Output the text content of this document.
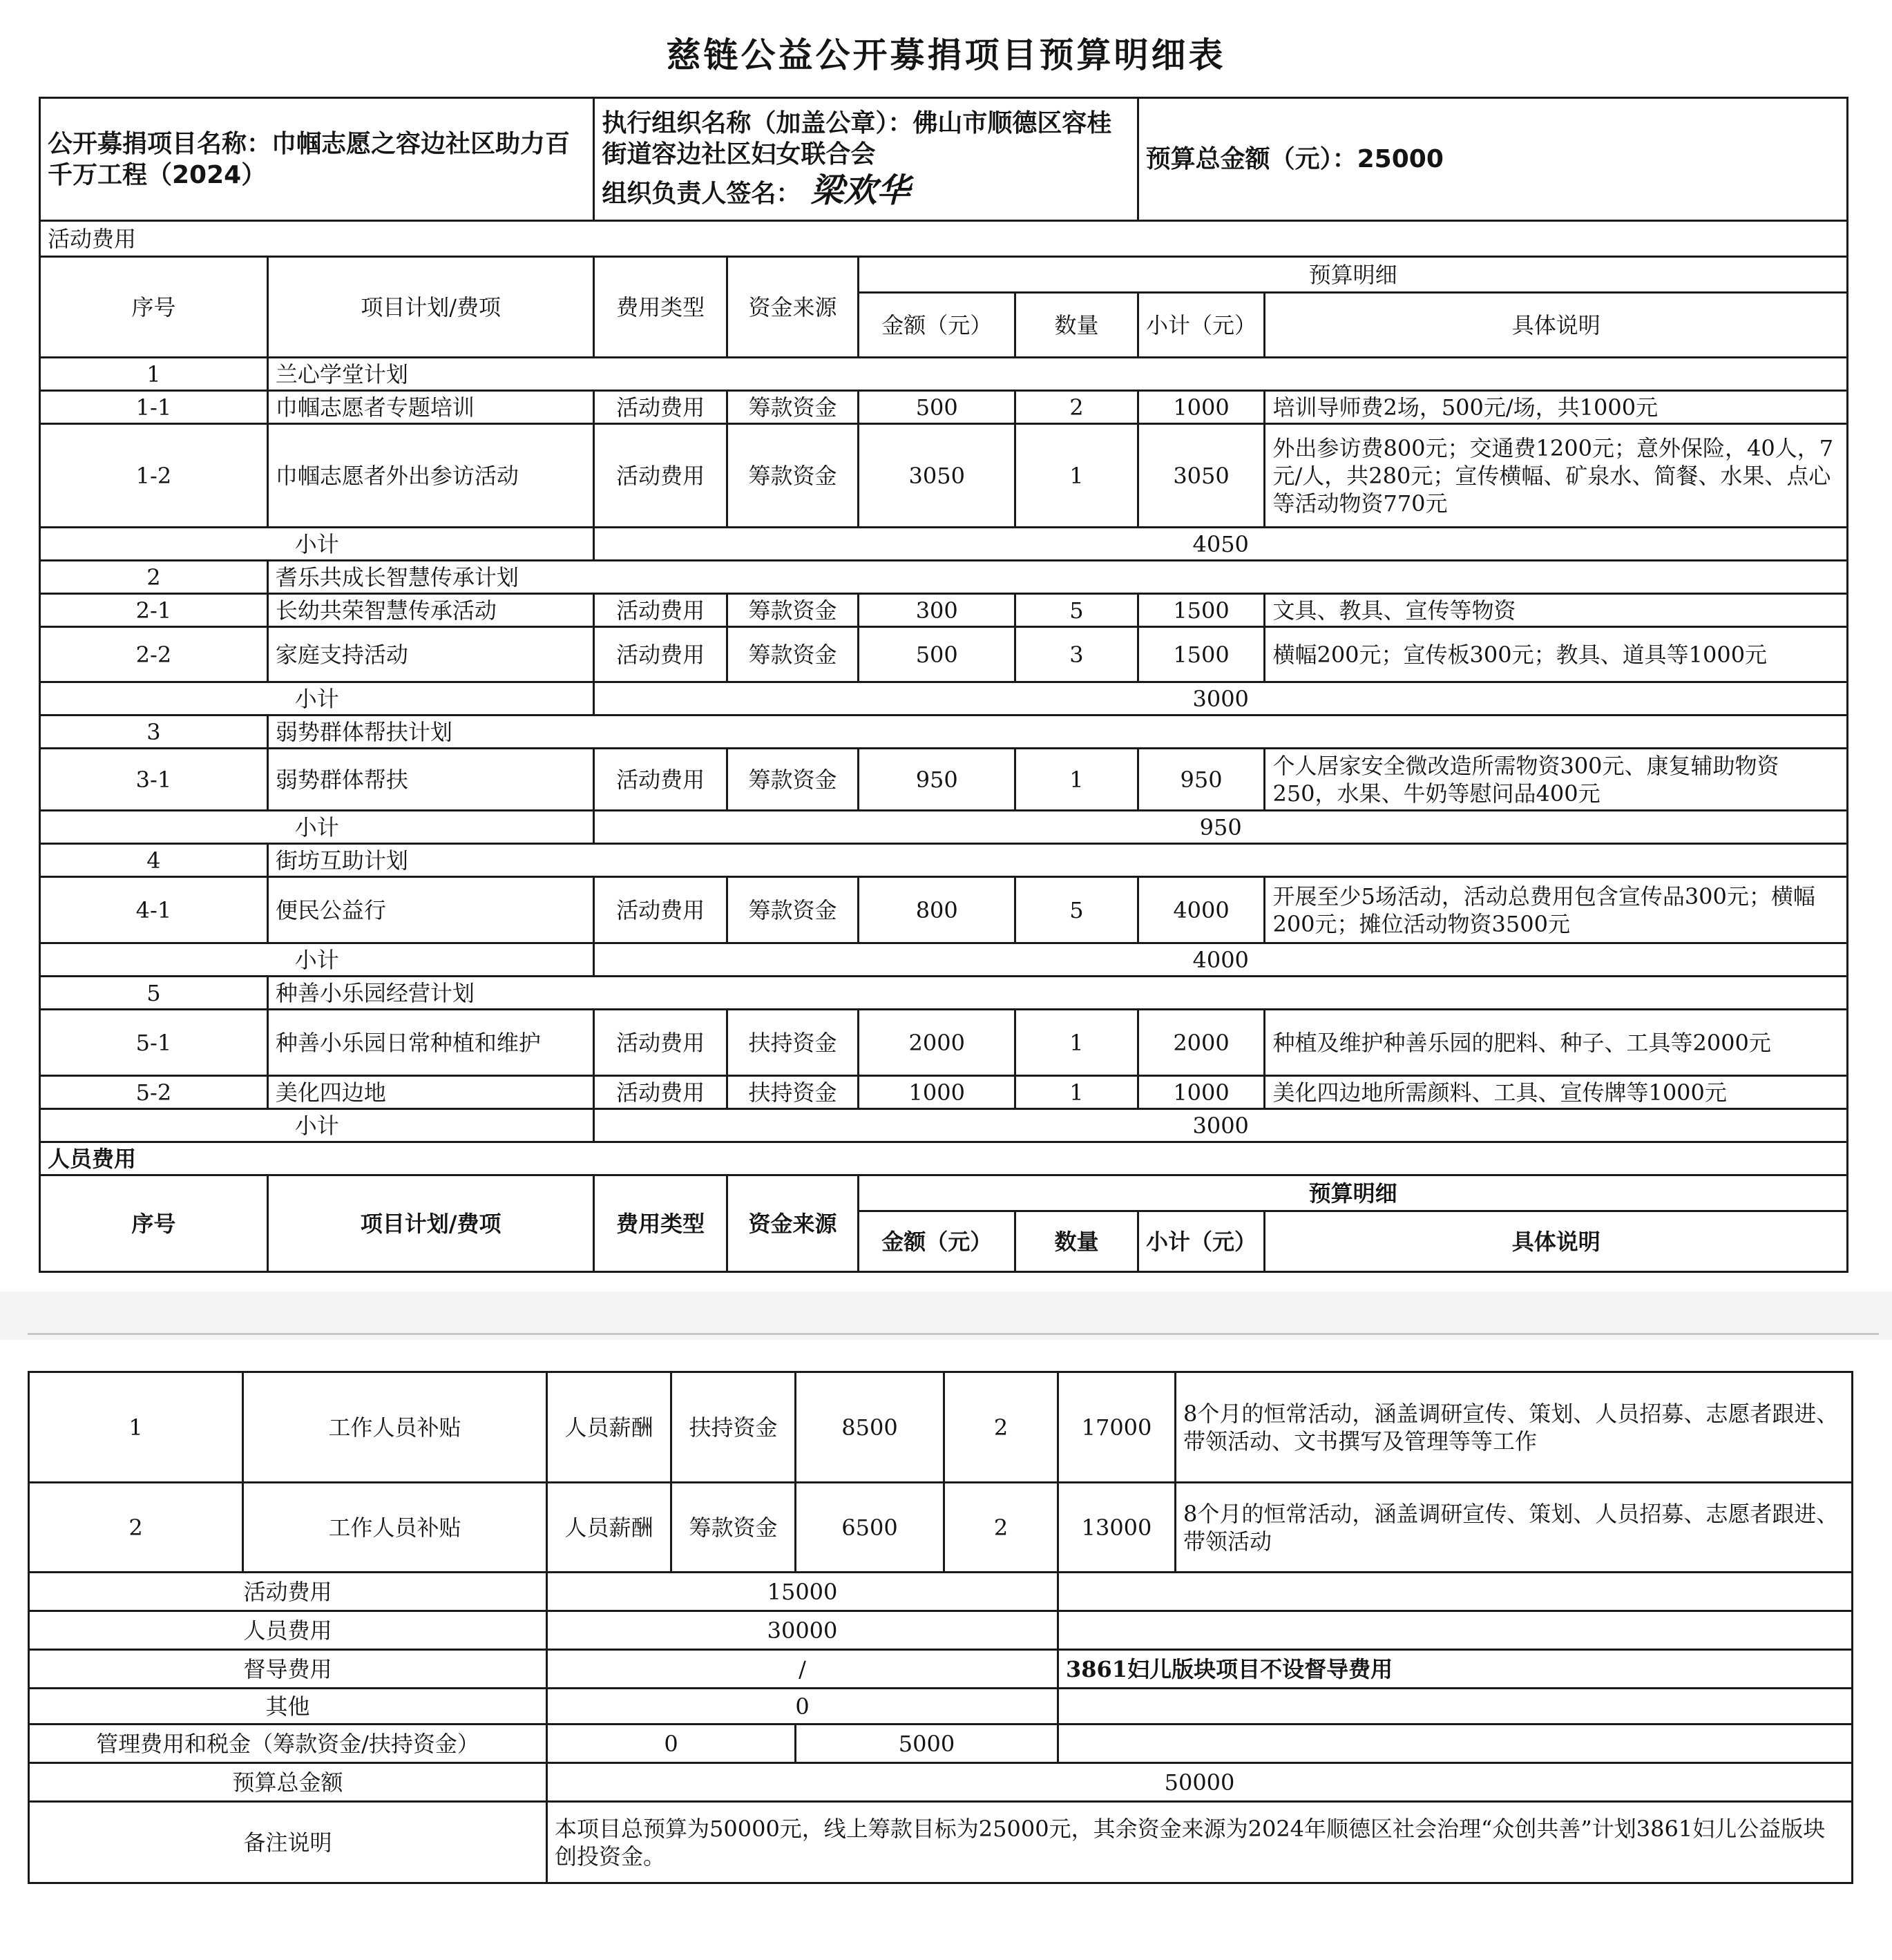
慈链公益公开募捐项目预算明细表
公开募捐项目名称：巾帼志愿之容边社区助力百千万工程（2024）		执行组织名称（加盖公章）：佛山市顺德区容桂街道容边社区妇女联合会
组织负责人签名： 梁欢华				预算总金额（元）：25000	
活动费用							
序号	项目计划/费项	费用类型	资金来源	预算明细			
				金额（元）	数量	小计（元）	具体说明
1	兰心学堂计划						
1-1	巾帼志愿者专题培训	活动费用	筹款资金	500	2	1000	培训导师费2场，500元/场，共1000元
1-2	巾帼志愿者外出参访活动	活动费用	筹款资金	3050	1	3050	外出参访费800元；交通费1200元；意外保险，40人，7元/人，共280元；宣传横幅、矿泉水、简餐、水果、点心等活动物资770元
小计		4050					
2	耆乐共成长智慧传承计划						
2-1	长幼共荣智慧传承活动	活动费用	筹款资金	300	5	1500	文具、教具、宣传等物资
2-2	家庭支持活动	活动费用	筹款资金	500	3	1500	横幅200元；宣传板300元；教具、道具等1000元
小计		3000					
3	弱势群体帮扶计划						
3-1	弱势群体帮扶	活动费用	筹款资金	950	1	950	个人居家安全微改造所需物资300元、康复辅助物资250，水果、牛奶等慰问品400元
小计		950					
4	街坊互助计划						
4-1	便民公益行	活动费用	筹款资金	800	5	4000	开展至少5场活动，活动总费用包含宣传品300元；横幅200元；摊位活动物资3500元
小计		4000					
5	种善小乐园经营计划						
5-1	种善小乐园日常种植和维护	活动费用	扶持资金	2000	1	2000	种植及维护种善乐园的肥料、种子、工具等2000元
5-2	美化四边地	活动费用	扶持资金	1000	1	1000	美化四边地所需颜料、工具、宣传牌等1000元
小计		3000					
人员费用							
序号	项目计划/费项	费用类型	资金来源	预算明细			
				金额（元）	数量	小计（元）	具体说明
1	工作人员补贴	人员薪酬	扶持资金	8500	2	17000	8个月的恒常活动，涵盖调研宣传、策划、人员招募、志愿者跟进、带领活动、文书撰写及管理等等工作
2	工作人员补贴	人员薪酬	筹款资金	6500	2	13000	8个月的恒常活动，涵盖调研宣传、策划、人员招募、志愿者跟进、带领活动
活动费用		15000					
人员费用		30000					
督导费用		/				3861妇儿版块项目不设督导费用	
其他		0					
管理费用和税金（筹款资金/扶持资金）		0		5000			
预算总金额		50000					
备注说明		本项目总预算为50000元，线上筹款目标为25000元，其余资金来源为2024年顺德区社会治理“众创共善”计划3861妇儿公益版块创投资金。					
